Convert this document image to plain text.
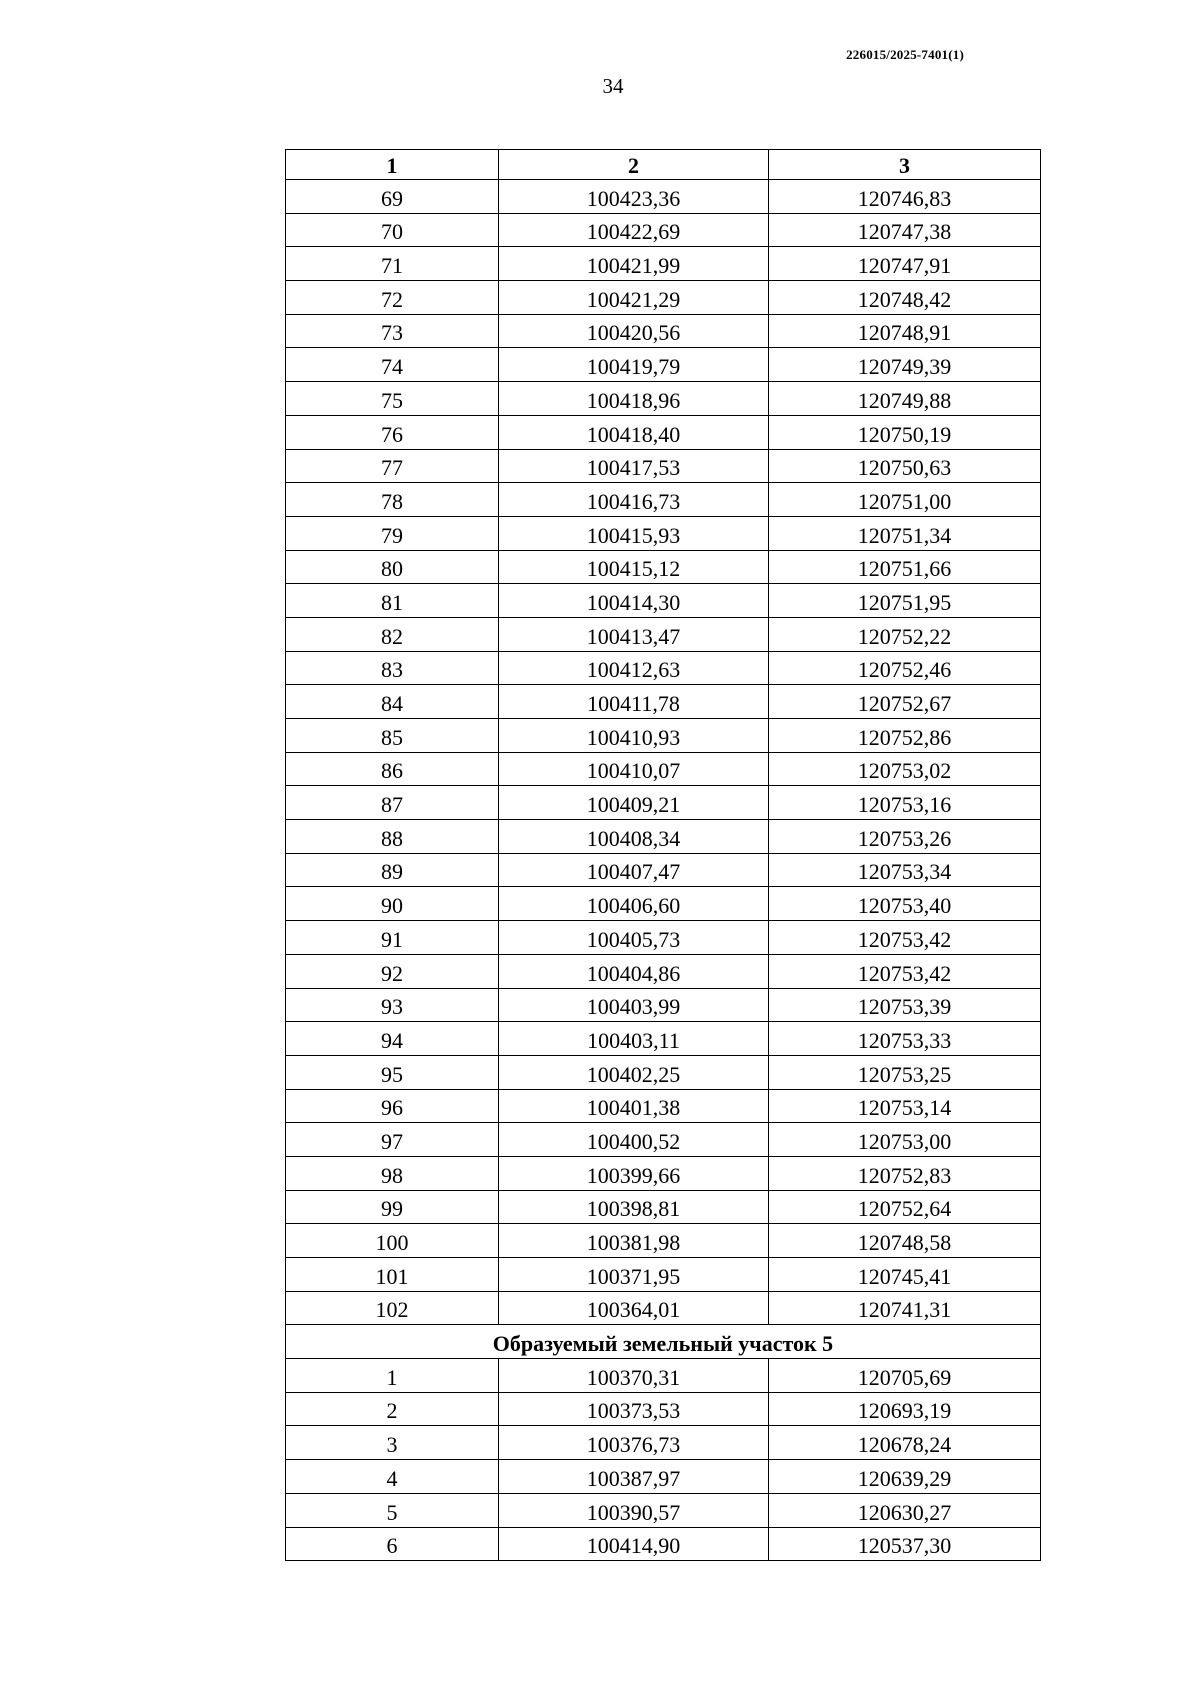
226015/2025-7401(1)
34
1	2	3
69	100423,36	120746,83
70	100422,69	120747,38
71	100421,99	120747,91
72	100421,29	120748,42
73	100420,56	120748,91
74	100419,79	120749,39
75	100418,96	120749,88
76	100418,40	120750,19
77	100417,53	120750,63
78	100416,73	120751,00
79	100415,93	120751,34
80	100415,12	120751,66
81	100414,30	120751,95
82	100413,47	120752,22
83	100412,63	120752,46
84	100411,78	120752,67
85	100410,93	120752,86
86	100410,07	120753,02
87	100409,21	120753,16
88	100408,34	120753,26
89	100407,47	120753,34
90	100406,60	120753,40
91	100405,73	120753,42
92	100404,86	120753,42
93	100403,99	120753,39
94	100403,11	120753,33
95	100402,25	120753,25
96	100401,38	120753,14
97	100400,52	120753,00
98	100399,66	120752,83
99	100398,81	120752,64
100	100381,98	120748,58
101	100371,95	120745,41
102	100364,01	120741,31
Образуемый земельный участок 5		
1	100370,31	120705,69
2	100373,53	120693,19
3	100376,73	120678,24
4	100387,97	120639,29
5	100390,57	120630,27
6	100414,90	120537,30
